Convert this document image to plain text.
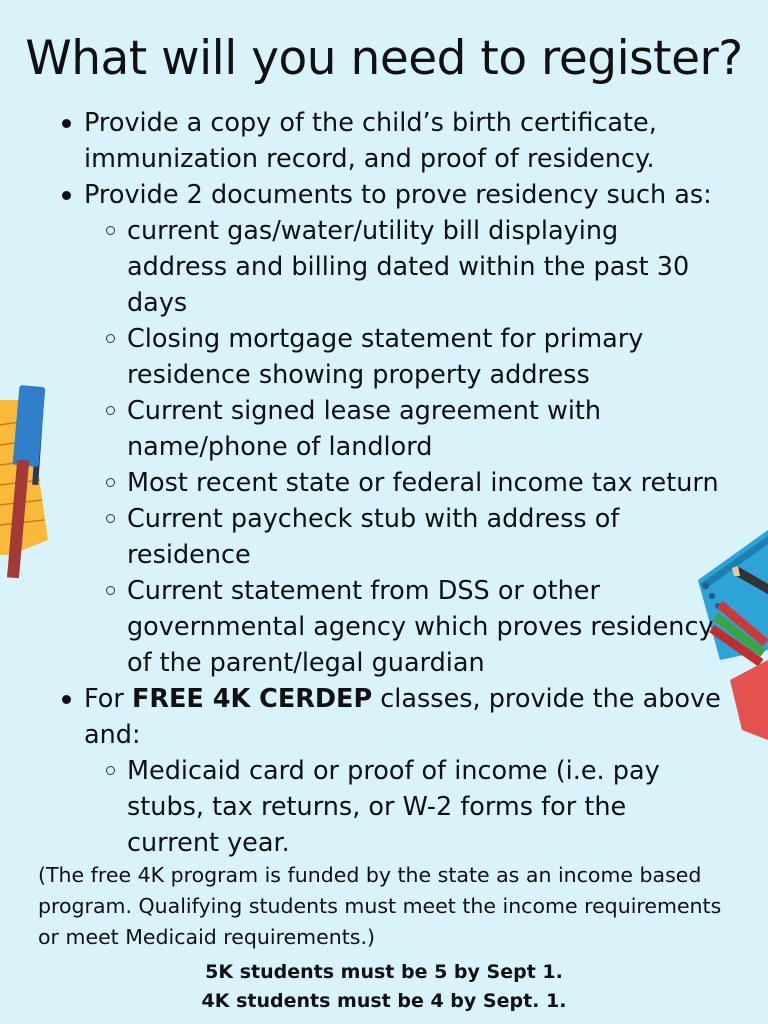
What will you need to register?
Provide a copy of the child’s birth certificate, immunization record, and proof of residency.
Provide 2 documents to prove residency such as:
current gas/water/utility bill displaying address and billing dated within the past 30 days
Closing mortgage statement for primary residence showing property address
Current signed lease agreement with name/phone of landlord
Most recent state or federal income tax return
Current paycheck stub with address of residence
Current statement from DSS or other governmental agency which proves residency of the parent/legal guardian
For FREE 4K CERDEP classes, provide the above and:
Medicaid card or proof of income (i.e. pay stubs, tax returns, or W-2 forms for the current year.
(The free 4K program is funded by the state as an income based program. Qualifying students must meet the income requirements or meet Medicaid requirements.)
5K students must be 5 by Sept 1.
4K students must be 4 by Sept. 1.
